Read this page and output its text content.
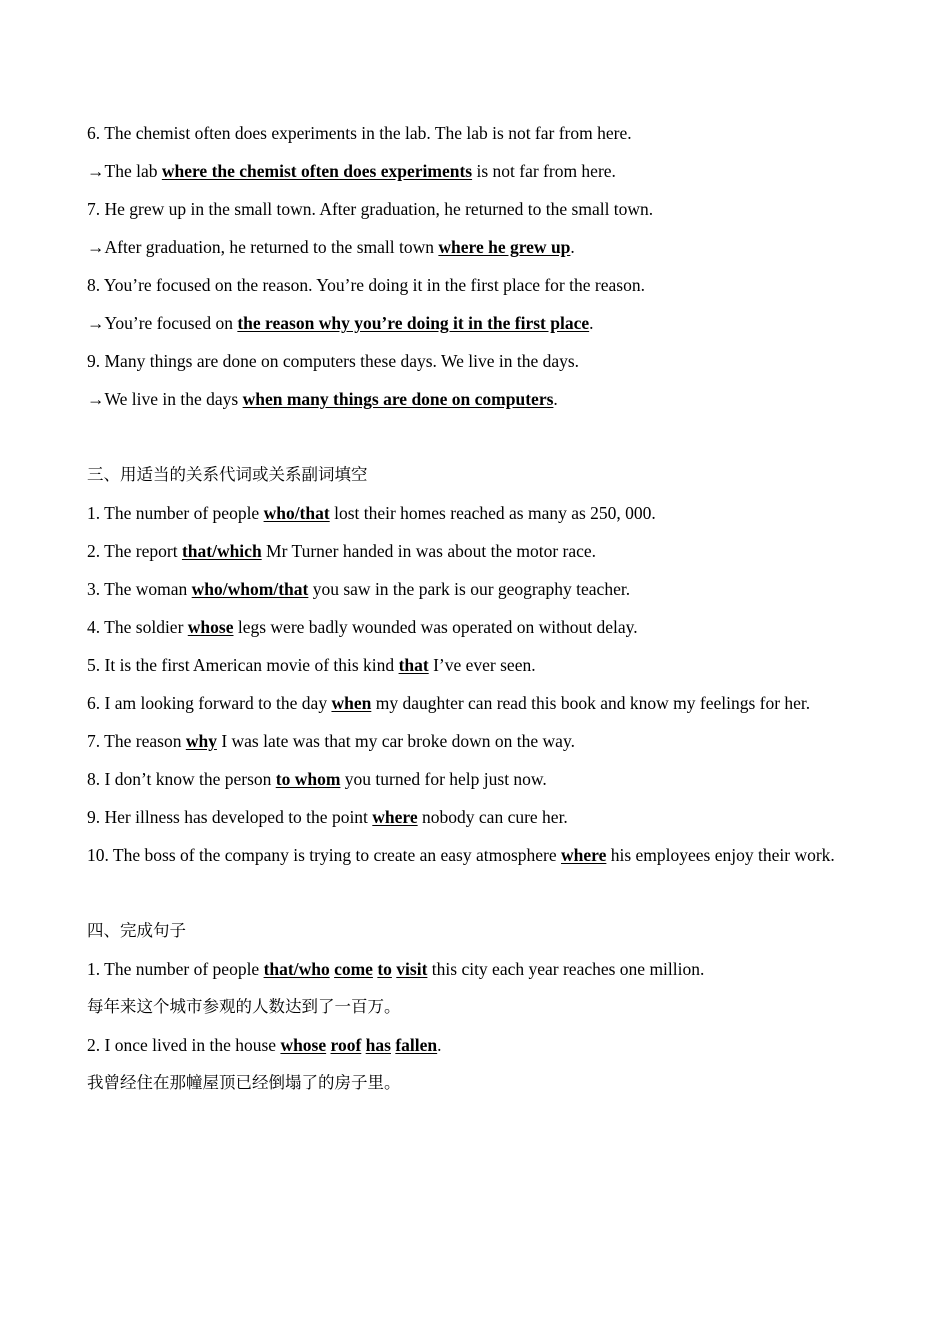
6. The chemist often does experiments in the lab. The lab is not far from here.
→The lab where the chemist often does experiments is not far from here.
7. He grew up in the small town. After graduation, he returned to the small town.
→After graduation, he returned to the small town where he grew up.
8. You’re focused on the reason. You’re doing it in the first place for the reason.
→You’re focused on the reason why you’re doing it in the first place.
9. Many things are done on computers these days. We live in the days.
→We live in the days when many things are done on computers.
三、用适当的关系代词或关系副词填空
1. The number of people who/that lost their homes reached as many as 250, 000.
2. The report that/which Mr Turner handed in was about the motor race.
3. The woman who/whom/that you saw in the park is our geography teacher.
4. The soldier whose legs were badly wounded was operated on without delay.
5. It is the first American movie of this kind that I’ve ever seen.
6. I am looking forward to the day when my daughter can read this book and know my feelings for her.
7. The reason why I was late was that my car broke down on the way.
8. I don’t know the person to whom you turned for help just now.
9. Her illness has developed to the point where nobody can cure her.
10. The boss of the company is trying to create an easy atmosphere where his employees enjoy their work.
四、完成句子
1. The number of people that/who come to visit this city each year reaches one million.
每年来这个城市参观的人数达到了一百万。
2. I once lived in the house whose roof has fallen.
我曾经住在那幢屋顶已经倒塌了的房子里。
